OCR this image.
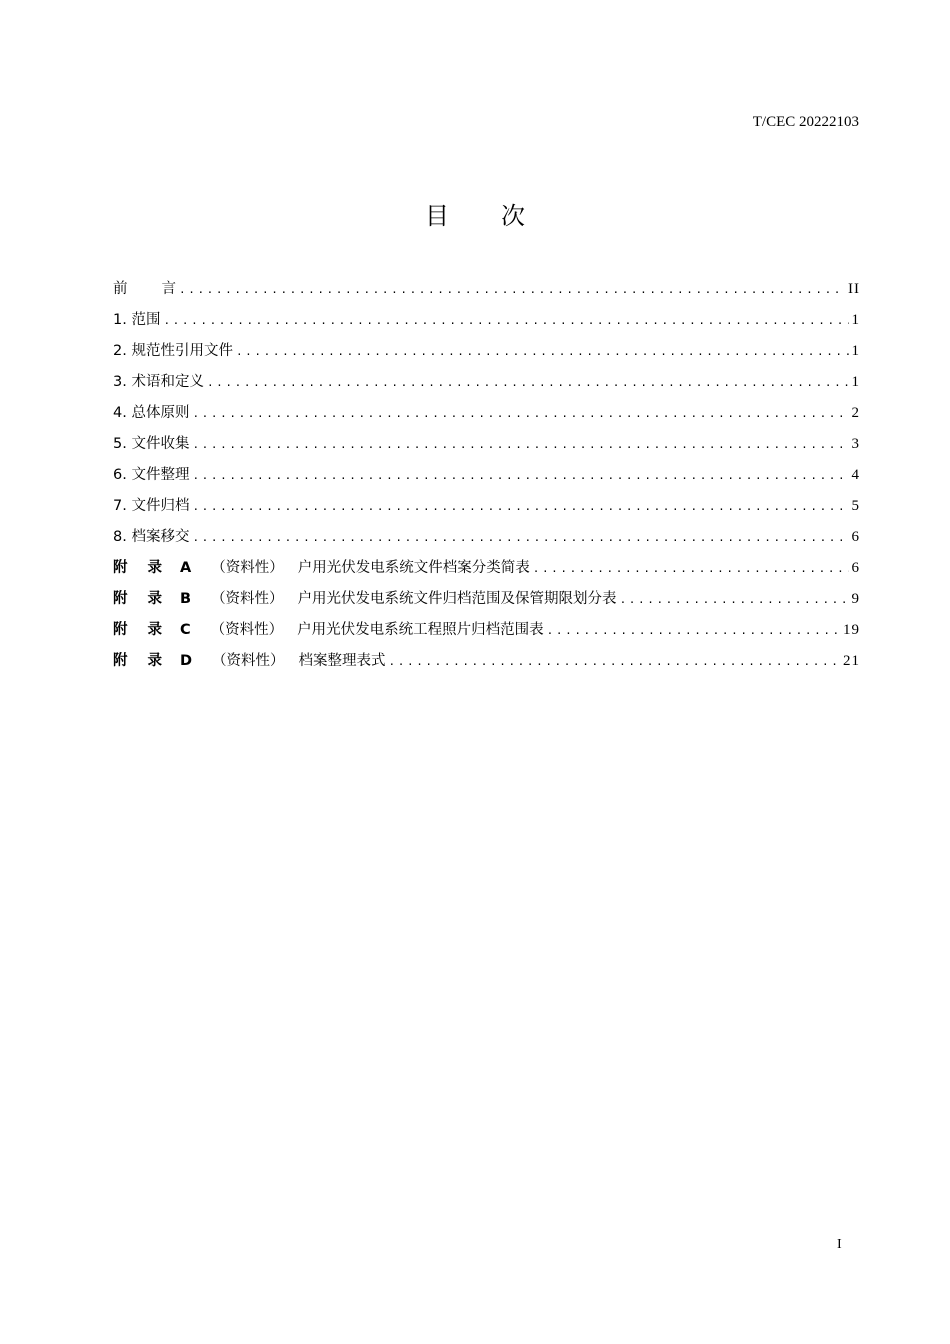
T/CEC 20222103
目 次
前 言 .....	II
1. 范围 .....	1
2. 规范性引用文件 .....	1
3. 术语和定义 .....	1
4. 总体原则 .....	2
5. 文件收集 .....	3
6. 文件整理 .....	4
7. 文件归档 .....	5
8. 档案移交 .....	6
附 录 A （资料性） 户用光伏发电系统文件档案分类简表 .....	6
附 录 B （资料性） 户用光伏发电系统文件归档范围及保管期限划分表 .....	9
附 录 C （资料性） 户用光伏发电系统工程照片归档范围表 .....	19
附 录 D （资料性） 档案整理表式 .....	21
I
